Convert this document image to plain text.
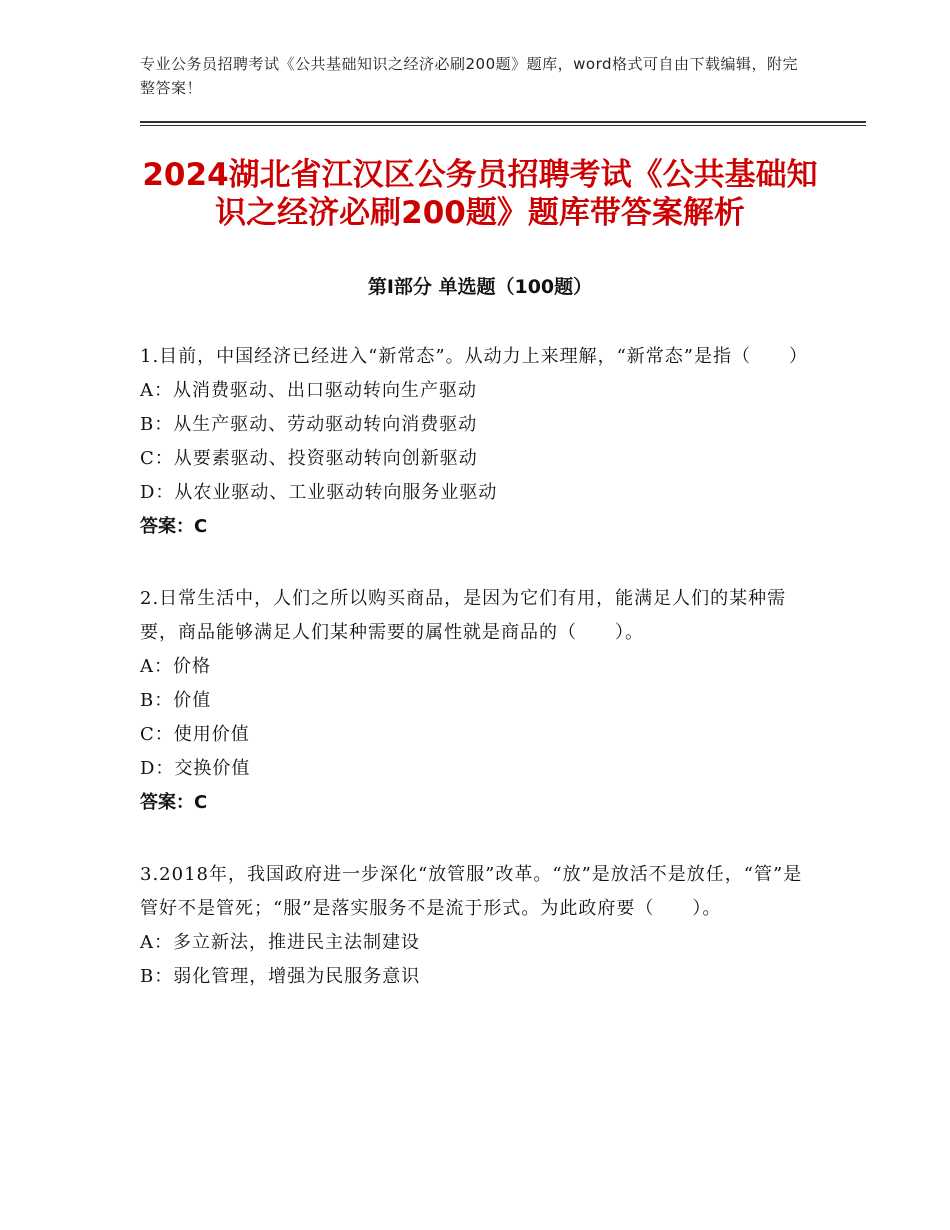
专业公务员招聘考试《公共基础知识之经济必刷200题》题库，word格式可自由下载编辑，附完整答案！
2024湖北省江汉区公务员招聘考试《公共基础知识之经济必刷200题》题库带答案解析
第Ⅰ部分 单选题（100题）
1.目前，中国经济已经进入“新常态”。从动力上来理解，“新常态”是指（　　）
A：从消费驱动、出口驱动转向生产驱动
B：从生产驱动、劳动驱动转向消费驱动
C：从要素驱动、投资驱动转向创新驱动
D：从农业驱动、工业驱动转向服务业驱动
答案：C
2.日常生活中，人们之所以购买商品，是因为它们有用，能满足人们的某种需要，商品能够满足人们某种需要的属性就是商品的（　　）。
A：价格
B：价值
C：使用价值
D：交换价值
答案：C
3.2018年，我国政府进一步深化“放管服”改革。“放”是放活不是放任，“管”是管好不是管死；“服”是落实服务不是流于形式。为此政府要（　　）。
A：多立新法，推进民主法制建设
B：弱化管理，增强为民服务意识
